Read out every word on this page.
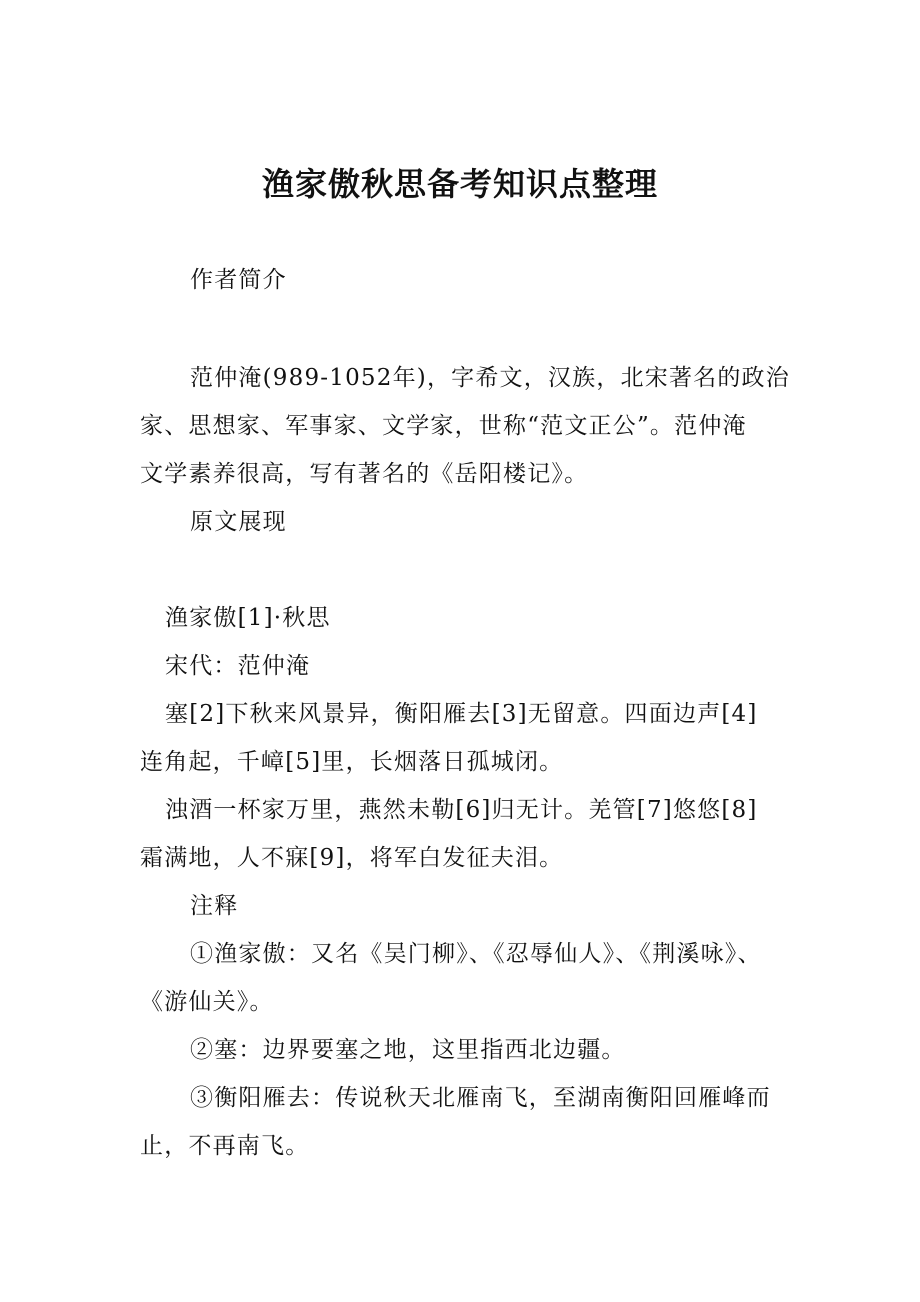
渔家傲秋思备考知识点整理
作者简介
范仲淹(989-1052年)，字希文，汉族，北宋著名的政治
家、思想家、军事家、文学家，世称“范文正公”。范仲淹
文学素养很高，写有著名的《岳阳楼记》。
原文展现
渔家傲[1]·秋思
宋代：范仲淹
塞[2]下秋来风景异，衡阳雁去[3]无留意。四面边声[4]
连角起，千嶂[5]里，长烟落日孤城闭。
浊酒一杯家万里，燕然未勒[6]归无计。羌管[7]悠悠[8]
霜满地，人不寐[9]，将军白发征夫泪。
注释
①渔家傲：又名《吴门柳》、《忍辱仙人》、《荆溪咏》、
《游仙关》。
②塞：边界要塞之地，这里指西北边疆。
③衡阳雁去：传说秋天北雁南飞，至湖南衡阳回雁峰而
止，不再南飞。
